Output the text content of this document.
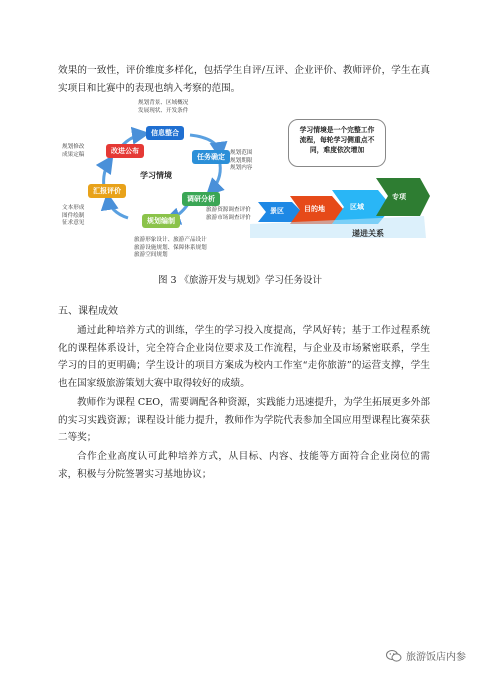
效果的一致性，评价维度多样化，包括学生自评/互评、企业评价、教师评价，学生在真实项目和比赛中的表现也纳入考察的范围。

信息整合
任务确定
调研分析
规划编制
汇报评价
改进公布
学习情境
规划背景、区域概况
发展现状、开发条件
规划范围
规划期限
规划内容
旅游资源调查评价
旅游市场调查评价
旅游形象设计、旅游产品设计
旅游设施规划、保障体系规划
旅游空间规划
文本形成
图件绘制
征求意见
规划修改
成果定稿
学习情境是一个完整工作
流程，每轮学习侧重点不
同，难度依次增加
景区	目的地	区域
专项
递进关系

图 3 《旅游开发与规划》学习任务设计

五、课程成效

通过此种培养方式的训练，学生的学习投入度提高，学风好转；基于工作过程系统化的课程体系设计，完全符合企业岗位要求及工作流程，与企业及市场紧密联系，学生学习的目的更明确；学生设计的项目方案成为校内工作室“走你旅游”的运营支撑，学生也在国家级旅游策划大赛中取得较好的成绩。

教师作为课程 CEO，需要调配各种资源，实践能力迅速提升，为学生拓展更多外部的实习实践资源；课程设计能力提升，教师作为学院代表参加全国应用型课程比赛荣获二等奖；

合作企业高度认可此种培养方式，从目标、内容、技能等方面符合企业岗位的需求，积极与分院签署实习基地协议；

旅游饭店内参
